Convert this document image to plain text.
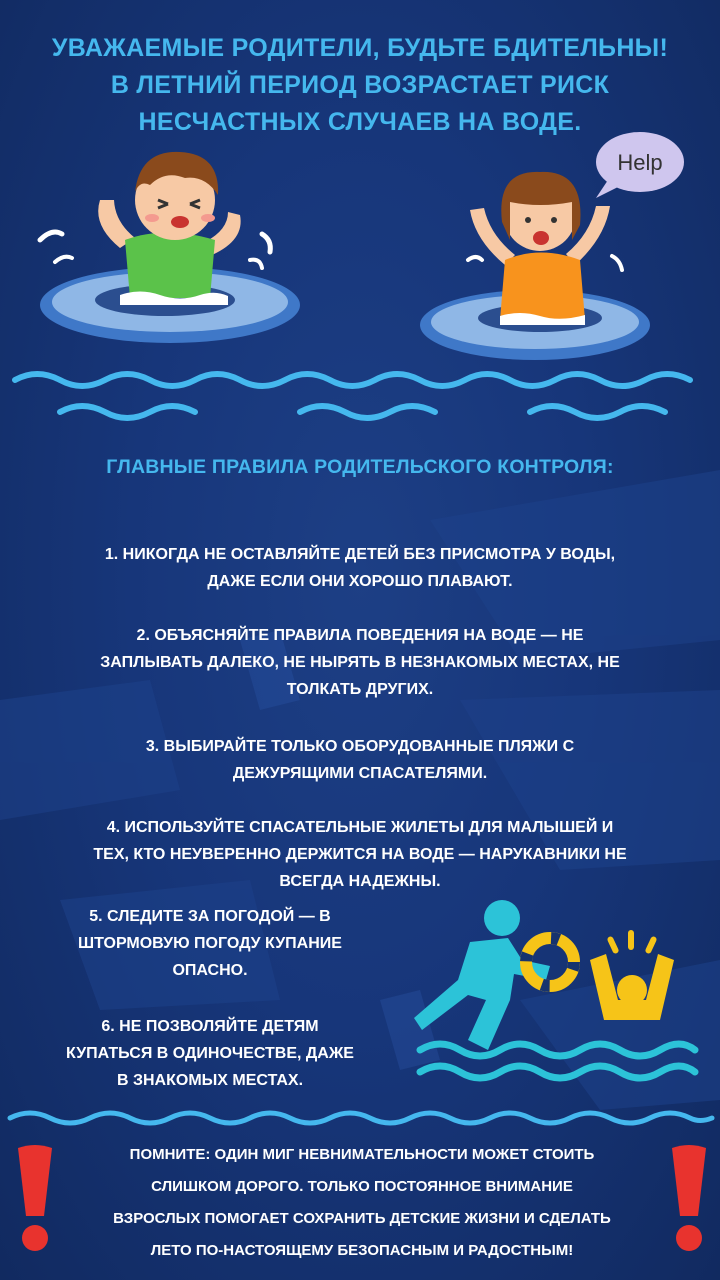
УВАЖАЕМЫЕ РОДИТЕЛИ, БУДЬТЕ БДИТЕЛЬНЫ!
В ЛЕТНИЙ ПЕРИОД ВОЗРАСТАЕТ РИСК
НЕСЧАСТНЫХ СЛУЧАЕВ НА ВОДЕ.
Help
ГЛАВНЫЕ ПРАВИЛА РОДИТЕЛЬСКОГО КОНТРОЛЯ:
1. НИКОГДА НЕ ОСТАВЛЯЙТЕ ДЕТЕЙ БЕЗ ПРИСМОТРА У ВОДЫ,
ДАЖЕ ЕСЛИ ОНИ ХОРОШО ПЛАВАЮТ.
2. ОБЪЯСНЯЙТЕ ПРАВИЛА ПОВЕДЕНИЯ НА ВОДЕ — НЕ
ЗАПЛЫВАТЬ ДАЛЕКО, НЕ НЫРЯТЬ В НЕЗНАКОМЫХ МЕСТАХ, НЕ
ТОЛКАТЬ ДРУГИХ.
3. ВЫБИРАЙТЕ ТОЛЬКО ОБОРУДОВАННЫЕ ПЛЯЖИ С
ДЕЖУРЯЩИМИ СПАСАТЕЛЯМИ.
4. ИСПОЛЬЗУЙТЕ СПАСАТЕЛЬНЫЕ ЖИЛЕТЫ ДЛЯ МАЛЫШЕЙ И
ТЕХ, КТО НЕУВЕРЕННО ДЕРЖИТСЯ НА ВОДЕ — НАРУКАВНИКИ НЕ
ВСЕГДА НАДЕЖНЫ.
5. СЛЕДИТЕ ЗА ПОГОДОЙ — В
ШТОРМОВУЮ ПОГОДУ КУПАНИЕ
ОПАСНО.
6. НЕ ПОЗВОЛЯЙТЕ ДЕТЯМ
КУПАТЬСЯ В ОДИНОЧЕСТВЕ, ДАЖЕ
В ЗНАКОМЫХ МЕСТАХ.
ПОМНИТЕ: ОДИН МИГ НЕВНИМАТЕЛЬНОСТИ МОЖЕТ СТОИТЬ
СЛИШКОМ ДОРОГО. ТОЛЬКО ПОСТОЯННОЕ ВНИМАНИЕ
ВЗРОСЛЫХ ПОМОГАЕТ СОХРАНИТЬ ДЕТСКИЕ ЖИЗНИ И СДЕЛАТЬ
ЛЕТО ПО-НАСТОЯЩЕМУ БЕЗОПАСНЫМ И РАДОСТНЫМ!
